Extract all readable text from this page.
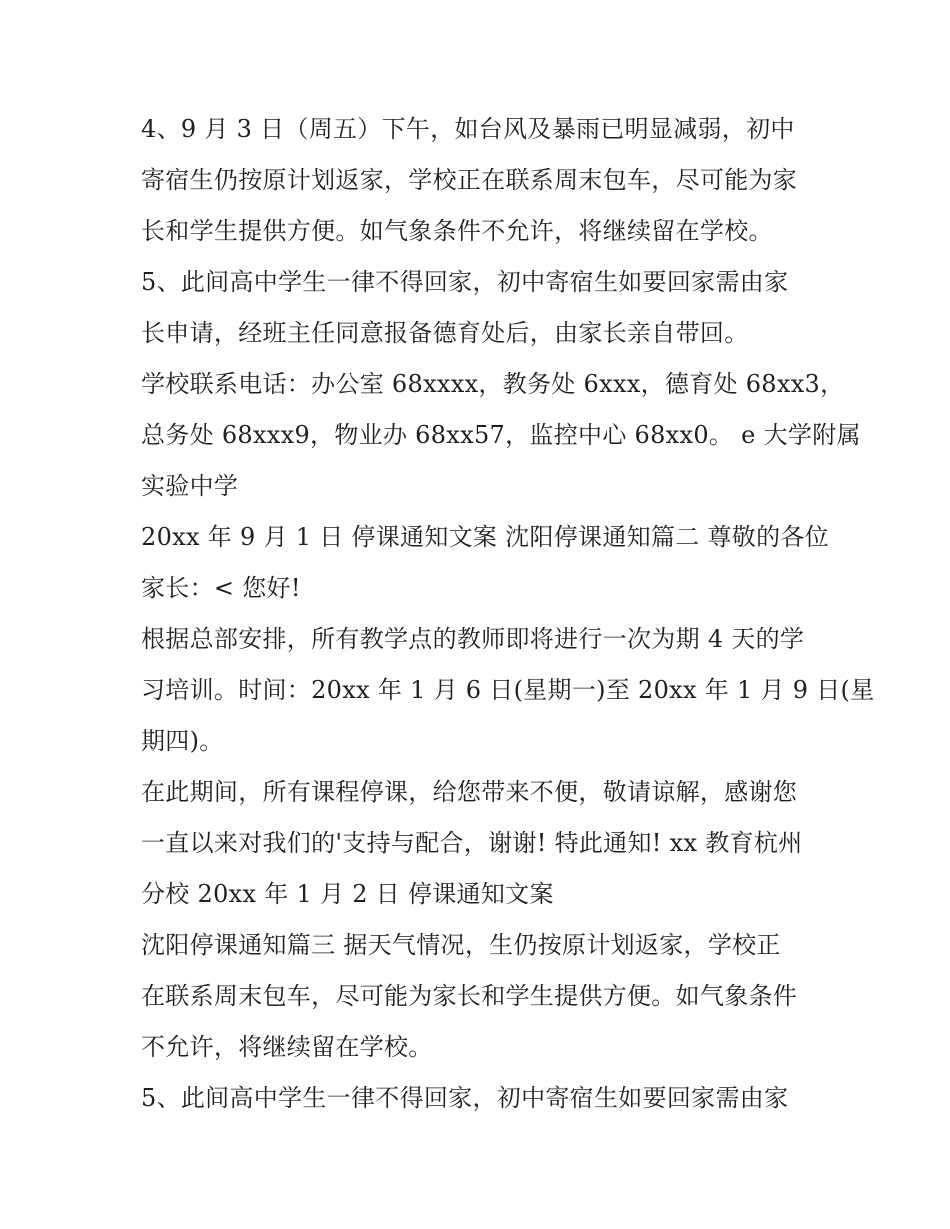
4、9 月 3 日（周五）下午，如台风及暴雨已明显减弱，初中
寄宿生仍按原计划返家，学校正在联系周末包车，尽可能为家
长和学生提供方便。如气象条件不允许，将继续留在学校。
5、此间高中学生一律不得回家，初中寄宿生如要回家需由家
长申请，经班主任同意报备德育处后，由家长亲自带回。
学校联系电话：办公室 68xxxx，教务处 6xxx，德育处 68xx3，
总务处 68xxx9，物业办 68xx57，监控中心 68xx0。 e 大学附属
实验中学
20xx 年 9 月 1 日 停课通知文案 沈阳停课通知篇二 尊敬的各位
家长：< 您好!
根据总部安排，所有教学点的教师即将进行一次为期 4 天的学
习培训。时间：20xx 年 1 月 6 日(星期一)至 20xx 年 1 月 9 日(星
期四)。
在此期间，所有课程停课，给您带来不便，敬请谅解，感谢您
一直以来对我们的'支持与配合，谢谢! 特此通知! xx 教育杭州
分校 20xx 年 1 月 2 日 停课通知文案
沈阳停课通知篇三 据天气情况，生仍按原计划返家，学校正
在联系周末包车，尽可能为家长和学生提供方便。如气象条件
不允许，将继续留在学校。
5、此间高中学生一律不得回家，初中寄宿生如要回家需由家
